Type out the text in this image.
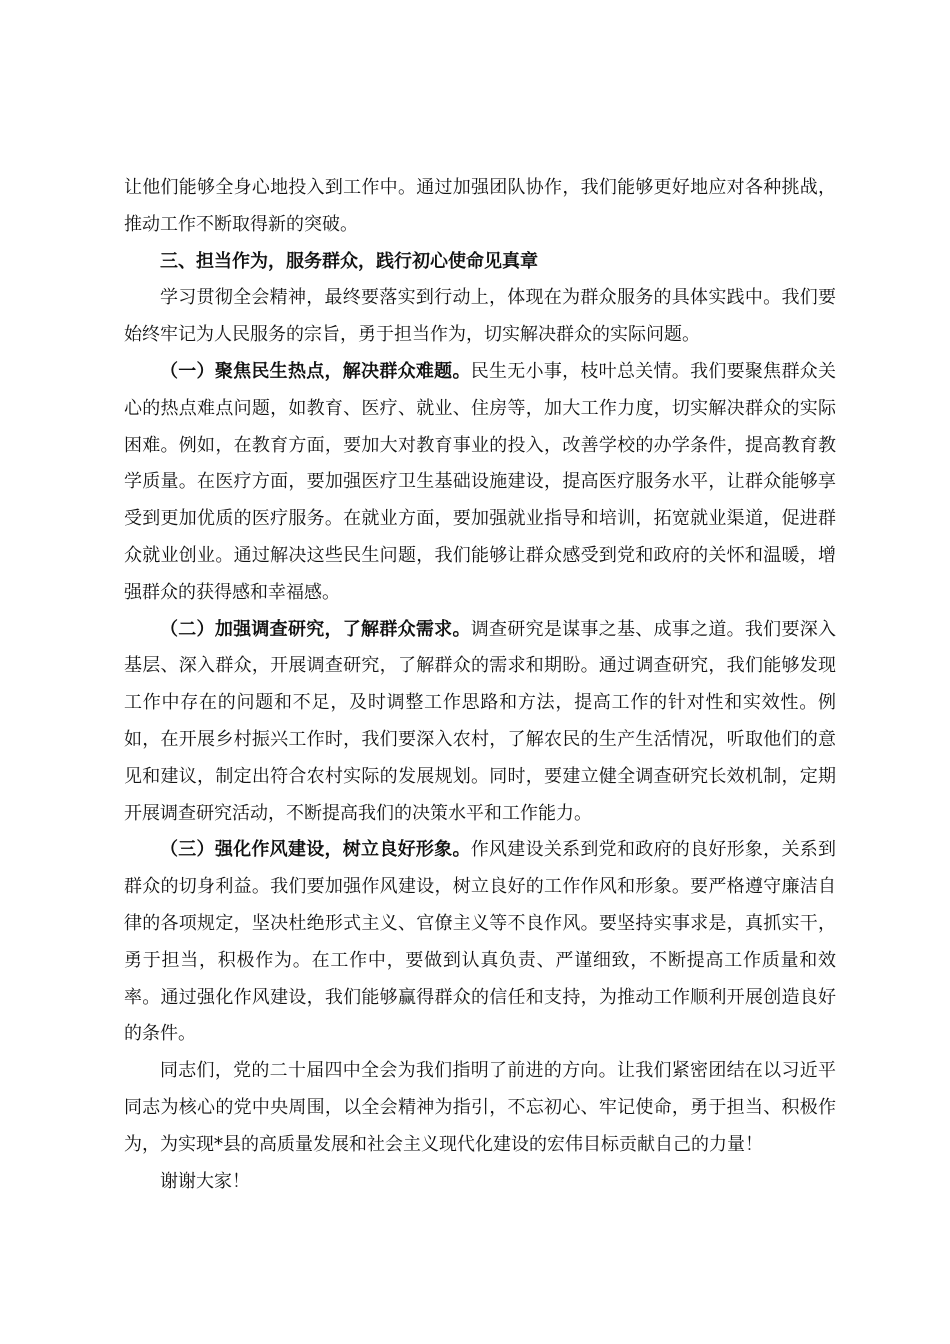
让他们能够全身心地投入到工作中。通过加强团队协作，我们能够更好地应对各种挑战，推动工作不断取得新的突破。

三、担当作为，服务群众，践行初心使命见真章

学习贯彻全会精神，最终要落实到行动上，体现在为群众服务的具体实践中。我们要始终牢记为人民服务的宗旨，勇于担当作为，切实解决群众的实际问题。

（一）聚焦民生热点，解决群众难题。民生无小事，枝叶总关情。我们要聚焦群众关心的热点难点问题，如教育、医疗、就业、住房等，加大工作力度，切实解决群众的实际困难。例如，在教育方面，要加大对教育事业的投入，改善学校的办学条件，提高教育教学质量。在医疗方面，要加强医疗卫生基础设施建设，提高医疗服务水平，让群众能够享受到更加优质的医疗服务。在就业方面，要加强就业指导和培训，拓宽就业渠道，促进群众就业创业。通过解决这些民生问题，我们能够让群众感受到党和政府的关怀和温暖，增强群众的获得感和幸福感。

（二）加强调查研究，了解群众需求。调查研究是谋事之基、成事之道。我们要深入基层、深入群众，开展调查研究，了解群众的需求和期盼。通过调查研究，我们能够发现工作中存在的问题和不足，及时调整工作思路和方法，提高工作的针对性和实效性。例如，在开展乡村振兴工作时，我们要深入农村，了解农民的生产生活情况，听取他们的意见和建议，制定出符合农村实际的发展规划。同时，要建立健全调查研究长效机制，定期开展调查研究活动，不断提高我们的决策水平和工作能力。

（三）强化作风建设，树立良好形象。作风建设关系到党和政府的良好形象，关系到群众的切身利益。我们要加强作风建设，树立良好的工作作风和形象。要严格遵守廉洁自律的各项规定，坚决杜绝形式主义、官僚主义等不良作风。要坚持实事求是，真抓实干，勇于担当，积极作为。在工作中，要做到认真负责、严谨细致，不断提高工作质量和效率。通过强化作风建设，我们能够赢得群众的信任和支持，为推动工作顺利开展创造良好的条件。

同志们，党的二十届四中全会为我们指明了前进的方向。让我们紧密团结在以习近平同志为核心的党中央周围，以全会精神为指引，不忘初心、牢记使命，勇于担当、积极作为，为实现*县的高质量发展和社会主义现代化建设的宏伟目标贡献自己的力量！

谢谢大家！
